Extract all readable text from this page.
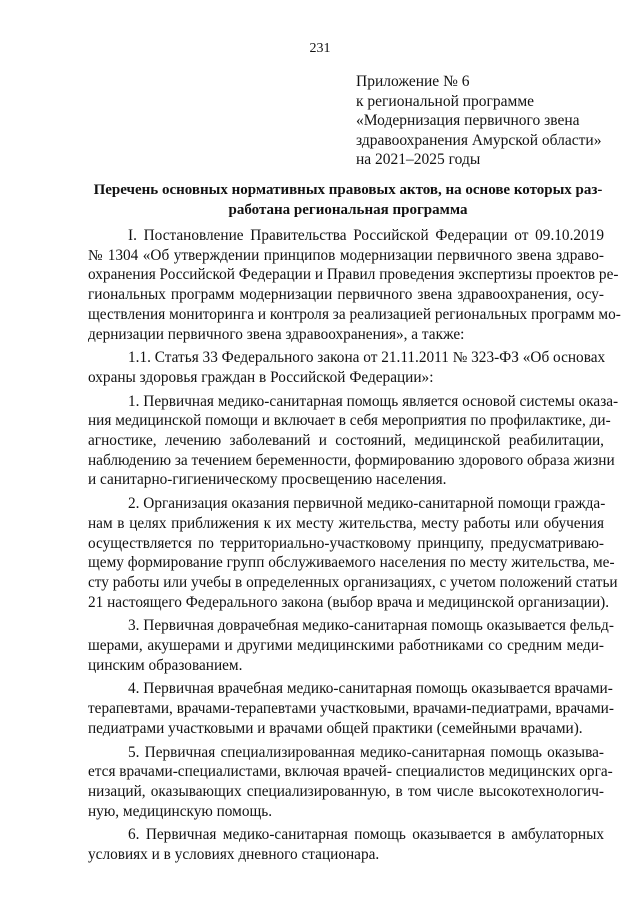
231
Приложение № 6
к региональной программе
«Модернизация первичного звена
здравоохранения Амурской области»
на 2021–2025 годы
Перечень основных нормативных правовых актов, на основе которых раз-
работана региональная программа

I. Постановление Правительства Российской Федерации от 09.10.2019
№ 1304 «Об утверждении принципов модернизации первичного звена здраво-
охранения Российской Федерации и Правил проведения экспертизы проектов ре-
гиональных программ модернизации первичного звена здравоохранения, осу-
ществления мониторинга и контроля за реализацией региональных программ мо-
дернизации первичного звена здравоохранения», а также:

1.1. Статья 33 Федерального закона от 21.11.2011 № 323-ФЗ «Об основах
охраны здоровья граждан в Российской Федерации»:

1. Первичная медико-санитарная помощь является основой системы оказа-
ния медицинской помощи и включает в себя мероприятия по профилактике, ди-
агностике, лечению заболеваний и состояний, медицинской реабилитации,
наблюдению за течением беременности, формированию здорового образа жизни
и санитарно-гигиеническому просвещению населения.

2. Организация оказания первичной медико-санитарной помощи гражда-
нам в целях приближения к их месту жительства, месту работы или обучения
осуществляется по территориально-участковому принципу, предусматриваю-
щему формирование групп обслуживаемого населения по месту жительства, ме-
сту работы или учебы в определенных организациях, с учетом положений статьи
21 настоящего Федерального закона (выбор врача и медицинской организации).

3. Первичная доврачебная медико-санитарная помощь оказывается фельд-
шерами, акушерами и другими медицинскими работниками со средним меди-
цинским образованием.

4. Первичная врачебная медико-санитарная помощь оказывается врачами-
терапевтами, врачами-терапевтами участковыми, врачами-педиатрами, врачами-
педиатрами участковыми и врачами общей практики (семейными врачами).

5. Первичная специализированная медико-санитарная помощь оказыва-
ется врачами-специалистами, включая врачей- специалистов медицинских орга-
низаций, оказывающих специализированную, в том числе высокотехнологич-
ную, медицинскую помощь.

6. Первичная медико-санитарная помощь оказывается в амбулаторных
условиях и в условиях дневного стационара.
